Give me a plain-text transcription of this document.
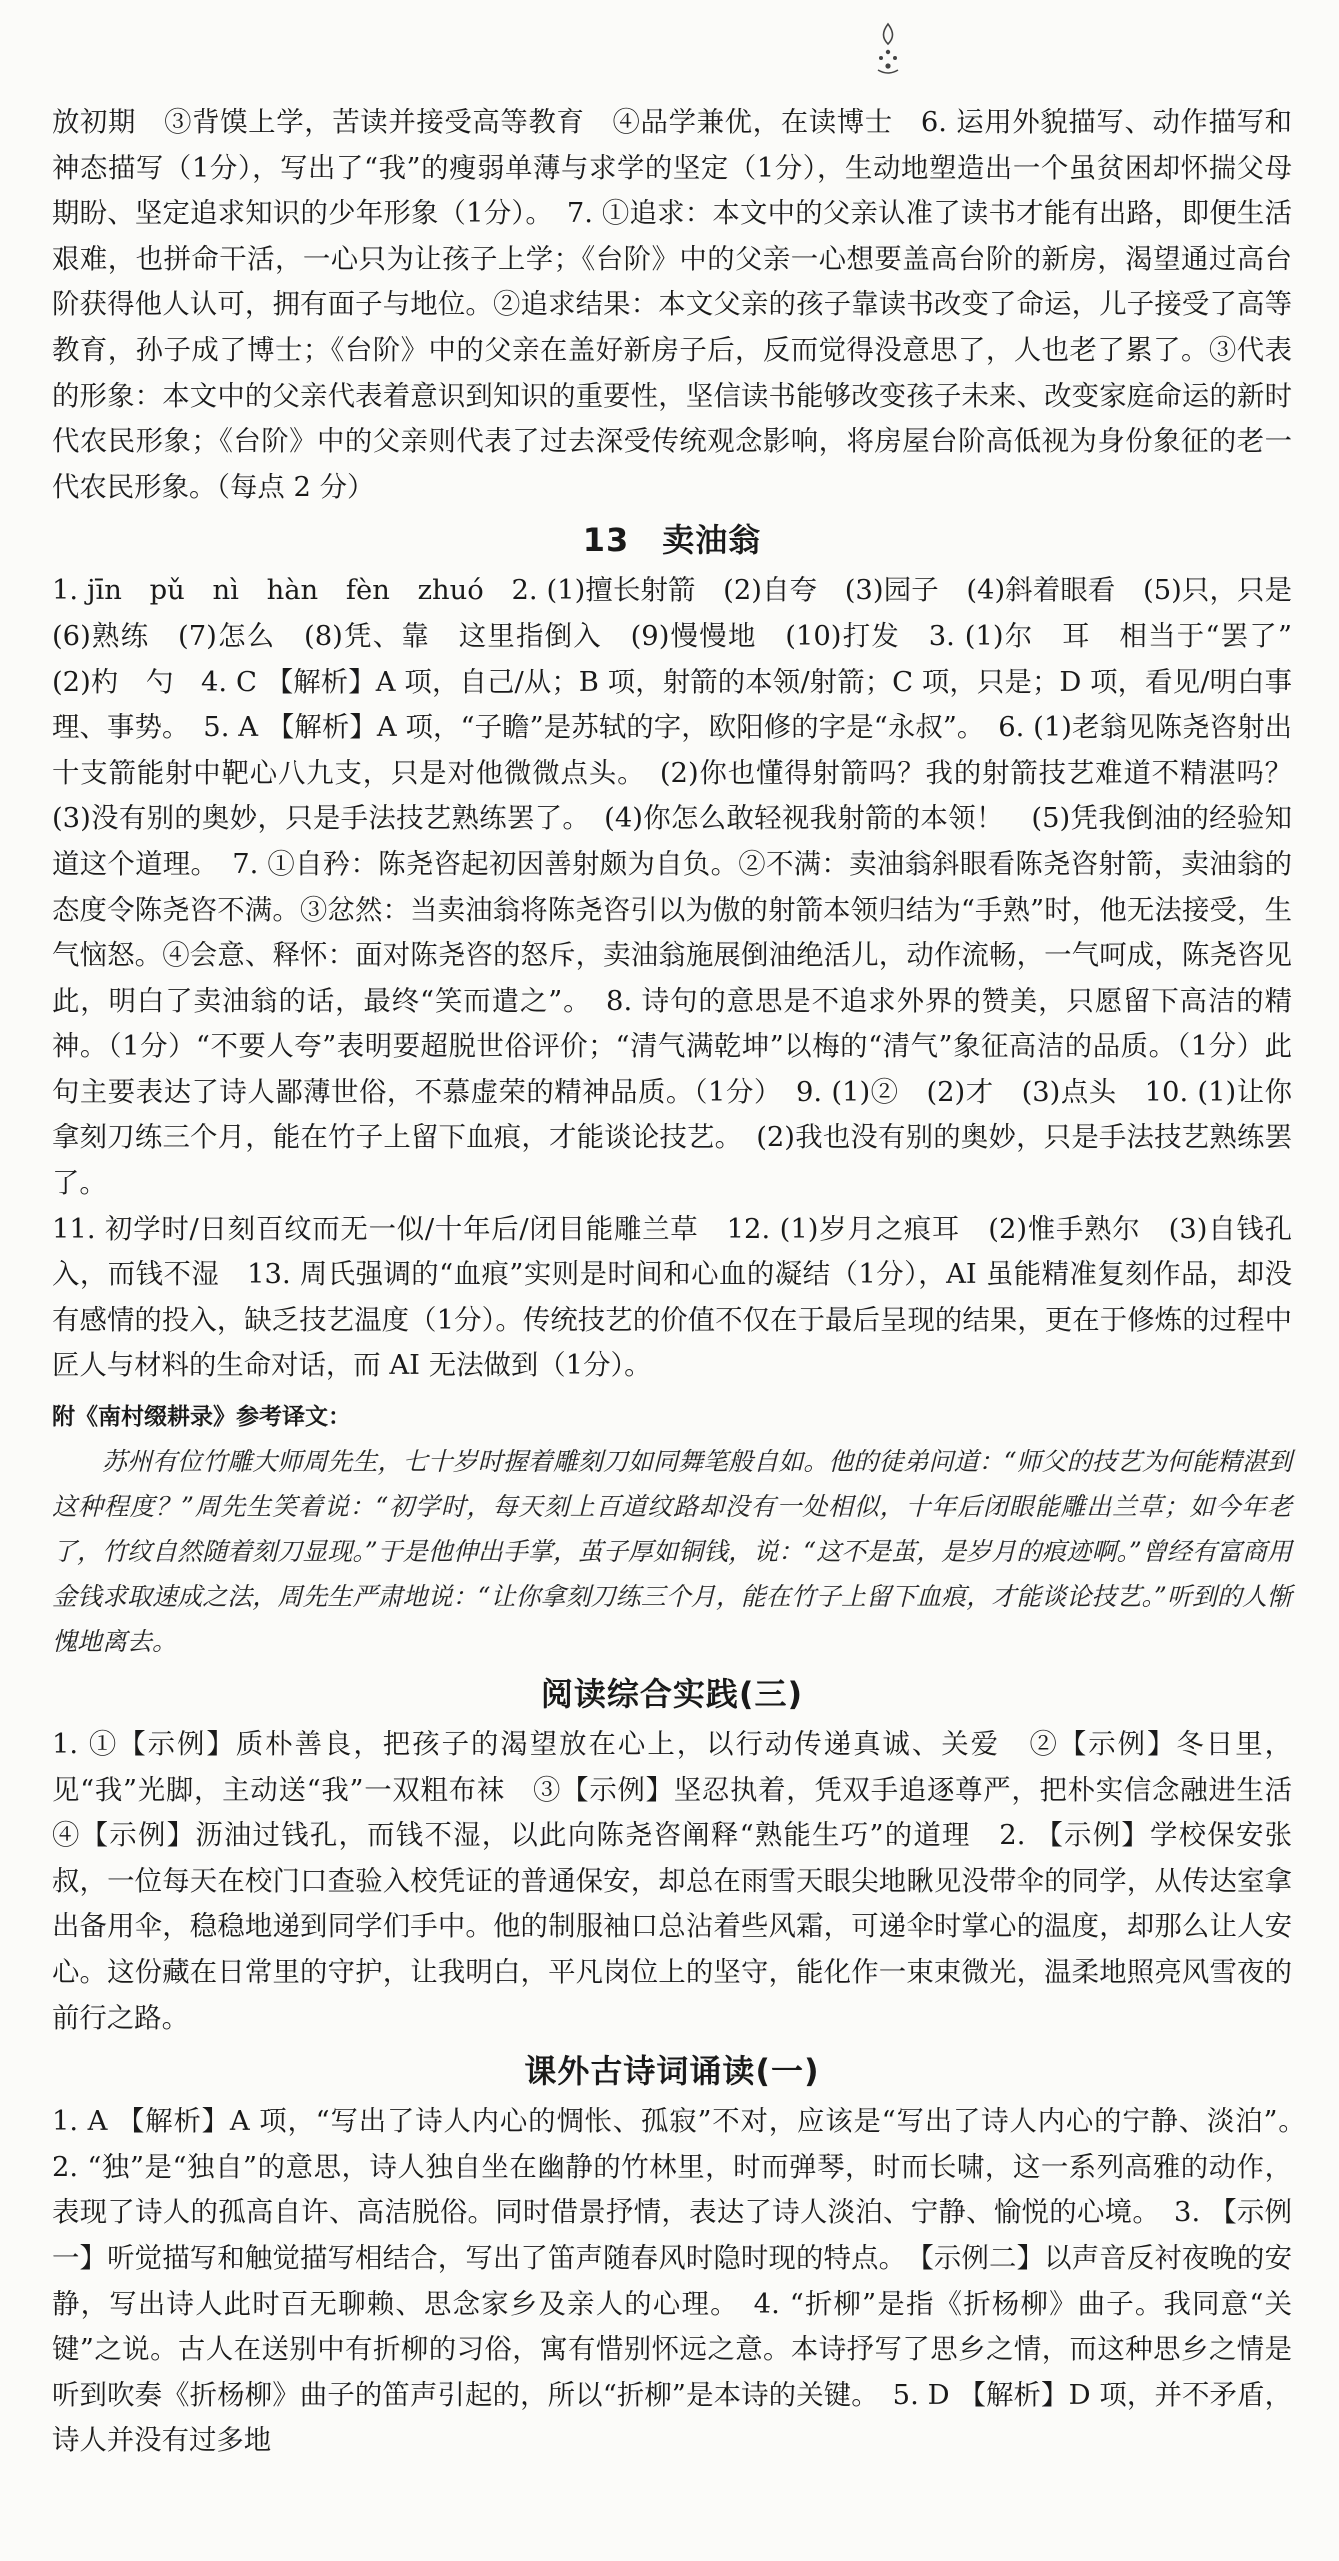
放初期　③背馍上学，苦读并接受高等教育　④品学兼优，在读博士　6. 运用外貌描写、动作描写和神态描写（1分），写出了“我”的瘦弱单薄与求学的坚定（1分），生动地塑造出一个虽贫困却怀揣父母期盼、坚定追求知识的少年形象（1分）。　7. ①追求：本文中的父亲认准了读书才能有出路，即便生活艰难，也拼命干活，一心只为让孩子上学；《台阶》中的父亲一心想要盖高台阶的新房，渴望通过高台阶获得他人认可，拥有面子与地位。②追求结果：本文父亲的孩子靠读书改变了命运，儿子接受了高等教育，孙子成了博士；《台阶》中的父亲在盖好新房子后，反而觉得没意思了，人也老了累了。③代表的形象：本文中的父亲代表着意识到知识的重要性，坚信读书能够改变孩子未来、改变家庭命运的新时代农民形象；《台阶》中的父亲则代表了过去深受传统观念影响，将房屋台阶高低视为身份象征的老一代农民形象。（每点 2 分）

13　卖油翁

1. jīn　pǔ　nì　hàn　fèn　zhuó　2. (1)擅长射箭　(2)自夸　(3)园子　(4)斜着眼看　(5)只，只是　(6)熟练　(7)怎么　(8)凭、靠　这里指倒入　(9)慢慢地　(10)打发　3. (1)尔　耳　相当于“罢了”　(2)杓　勺　4. C 【解析】A 项，自己/从；B 项，射箭的本领/射箭；C 项，只是；D 项，看见/明白事理、事势。　5. A 【解析】A 项，“子瞻”是苏轼的字，欧阳修的字是“永叔”。　6. (1)老翁见陈尧咨射出十支箭能射中靶心八九支，只是对他微微点头。　(2)你也懂得射箭吗？我的射箭技艺难道不精湛吗？　(3)没有别的奥妙，只是手法技艺熟练罢了。　(4)你怎么敢轻视我射箭的本领！　(5)凭我倒油的经验知道这个道理。　7. ①自矜：陈尧咨起初因善射颇为自负。②不满：卖油翁斜眼看陈尧咨射箭，卖油翁的态度令陈尧咨不满。③忿然：当卖油翁将陈尧咨引以为傲的射箭本领归结为“手熟”时，他无法接受，生气恼怒。④会意、释怀：面对陈尧咨的怒斥，卖油翁施展倒油绝活儿，动作流畅，一气呵成，陈尧咨见此，明白了卖油翁的话，最终“笑而遣之”。　8. 诗句的意思是不追求外界的赞美，只愿留下高洁的精神。（1分）“不要人夸”表明要超脱世俗评价；“清气满乾坤”以梅的“清气”象征高洁的品质。（1分）此句主要表达了诗人鄙薄世俗，不慕虚荣的精神品质。（1分）　9. (1)②　(2)才　(3)点头　10. (1)让你拿刻刀练三个月，能在竹子上留下血痕，才能谈论技艺。　(2)我也没有别的奥妙，只是手法技艺熟练罢了。

11. 初学时/日刻百纹而无一似/十年后/闭目能雕兰草　12. (1)岁月之痕耳　(2)惟手熟尔　(3)自钱孔入，而钱不湿　13. 周氏强调的“血痕”实则是时间和心血的凝结（1分），AI 虽能精准复刻作品，却没有感情的投入，缺乏技艺温度（1分）。传统技艺的价值不仅在于最后呈现的结果，更在于修炼的过程中匠人与材料的生命对话，而 AI 无法做到（1分）。

附《南村缀耕录》参考译文：

苏州有位竹雕大师周先生，七十岁时握着雕刻刀如同舞笔般自如。他的徒弟问道：“师父的技艺为何能精湛到这种程度？”周先生笑着说：“初学时，每天刻上百道纹路却没有一处相似，十年后闭眼能雕出兰草；如今年老了，竹纹自然随着刻刀显现。”于是他伸出手掌，茧子厚如铜钱，说：“这不是茧，是岁月的痕迹啊。”曾经有富商用金钱求取速成之法，周先生严肃地说：“让你拿刻刀练三个月，能在竹子上留下血痕，才能谈论技艺。”听到的人惭愧地离去。

阅读综合实践(三)

1. ①【示例】质朴善良，把孩子的渴望放在心上，以行动传递真诚、关爱　②【示例】冬日里，见“我”光脚，主动送“我”一双粗布袜　③【示例】坚忍执着，凭双手追逐尊严，把朴实信念融进生活　④【示例】沥油过钱孔，而钱不湿，以此向陈尧咨阐释“熟能生巧”的道理　2. 【示例】学校保安张叔，一位每天在校门口查验入校凭证的普通保安，却总在雨雪天眼尖地瞅见没带伞的同学，从传达室拿出备用伞，稳稳地递到同学们手中。他的制服袖口总沾着些风霜，可递伞时掌心的温度，却那么让人安心。这份藏在日常里的守护，让我明白，平凡岗位上的坚守，能化作一束束微光，温柔地照亮风雪夜的前行之路。

课外古诗词诵读(一)

1. A 【解析】A 项，“写出了诗人内心的惆怅、孤寂”不对，应该是“写出了诗人内心的宁静、淡泊”。　2. “独”是“独自”的意思，诗人独自坐在幽静的竹林里，时而弹琴，时而长啸，这一系列高雅的动作，表现了诗人的孤高自许、高洁脱俗。同时借景抒情，表达了诗人淡泊、宁静、愉悦的心境。　3. 【示例一】听觉描写和触觉描写相结合，写出了笛声随春风时隐时现的特点。　【示例二】以声音反衬夜晚的安静，写出诗人此时百无聊赖、思念家乡及亲人的心理。　4. “折柳”是指《折杨柳》曲子。我同意“关键”之说。古人在送别中有折柳的习俗，寓有惜别怀远之意。本诗抒写了思乡之情，而这种思乡之情是听到吹奏《折杨柳》曲子的笛声引起的，所以“折柳”是本诗的关键。　5. D 【解析】D 项，并不矛盾，诗人并没有过多地
